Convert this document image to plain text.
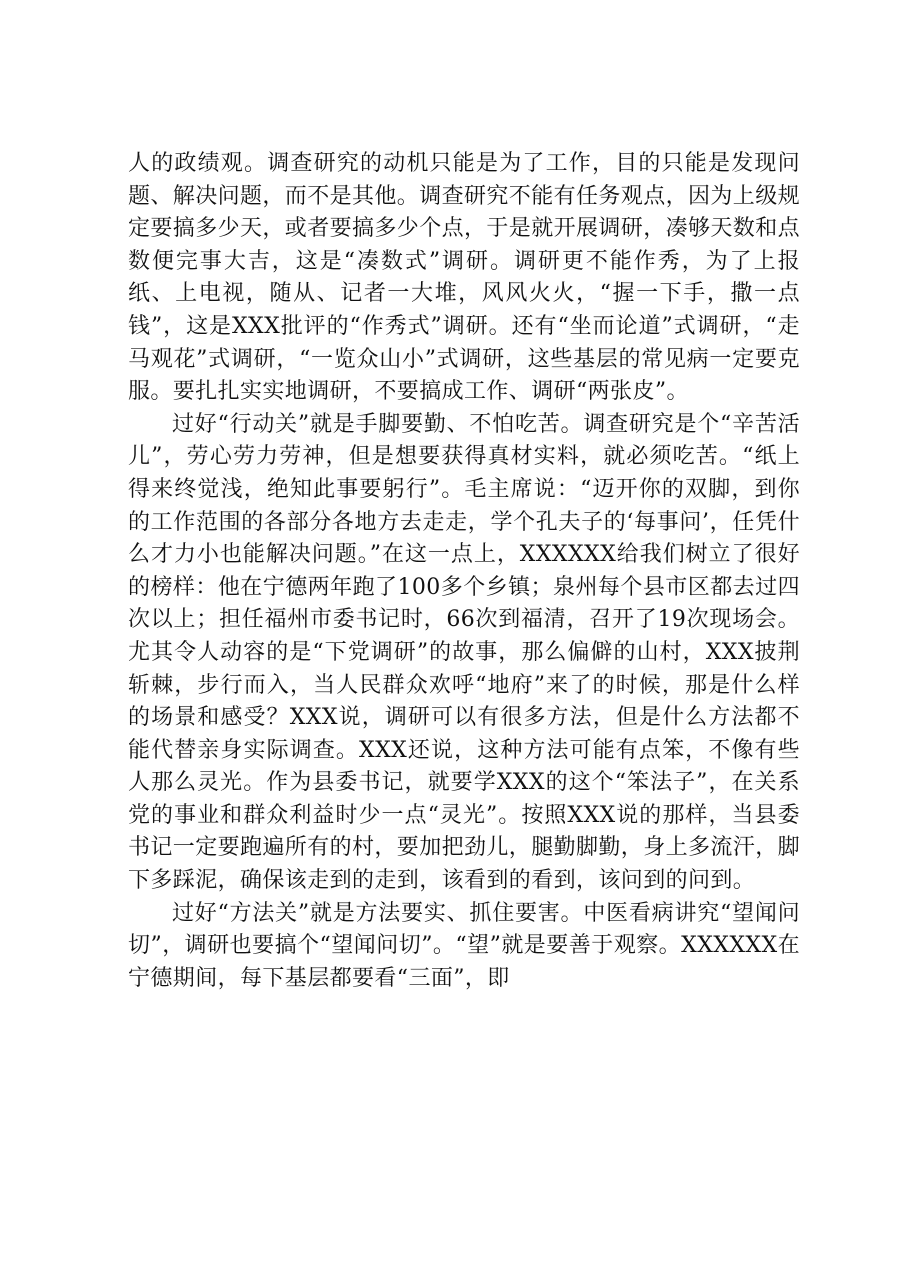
人的政绩观。调查研究的动机只能是为了工作，目的只能是发现问题、解决问题，而不是其他。调查研究不能有任务观点，因为上级规定要搞多少天，或者要搞多少个点，于是就开展调研，凑够天数和点数便完事大吉，这是“凑数式”调研。调研更不能作秀，为了上报纸、上电视，随从、记者一大堆，风风火火，“握一下手，撒一点钱”，这是XXX批评的“作秀式”调研。还有“坐而论道”式调研，“走马观花”式调研，“一览众山小”式调研，这些基层的常见病一定要克服。要扎扎实实地调研，不要搞成工作、调研“两张皮”。

过好“行动关”就是手脚要勤、不怕吃苦。调查研究是个“辛苦活儿”，劳心劳力劳神，但是想要获得真材实料，就必须吃苦。“纸上得来终觉浅，绝知此事要躬行”。毛主席说：“迈开你的双脚，到你的工作范围的各部分各地方去走走，学个孔夫子的‘每事问’，任凭什么才力小也能解决问题。”在这一点上，XXXXXX给我们树立了很好的榜样：他在宁德两年跑了100多个乡镇；泉州每个县市区都去过四次以上；担任福州市委书记时，66次到福清，召开了19次现场会。尤其令人动容的是“下党调研”的故事，那么偏僻的山村，XXX披荆斩棘，步行而入，当人民群众欢呼“地府”来了的时候，那是什么样的场景和感受？XXX说，调研可以有很多方法，但是什么方法都不能代替亲身实际调查。XXX还说，这种方法可能有点笨，不像有些人那么灵光。作为县委书记，就要学XXX的这个“笨法子”，在关系党的事业和群众利益时少一点“灵光”。按照XXX说的那样，当县委书记一定要跑遍所有的村，要加把劲儿，腿勤脚勤，身上多流汗，脚下多踩泥，确保该走到的走到，该看到的看到，该问到的问到。

过好“方法关”就是方法要实、抓住要害。中医看病讲究“望闻问切”，调研也要搞个“望闻问切”。“望”就是要善于观察。XXXXXX在宁德期间，每下基层都要看“三面”，即
